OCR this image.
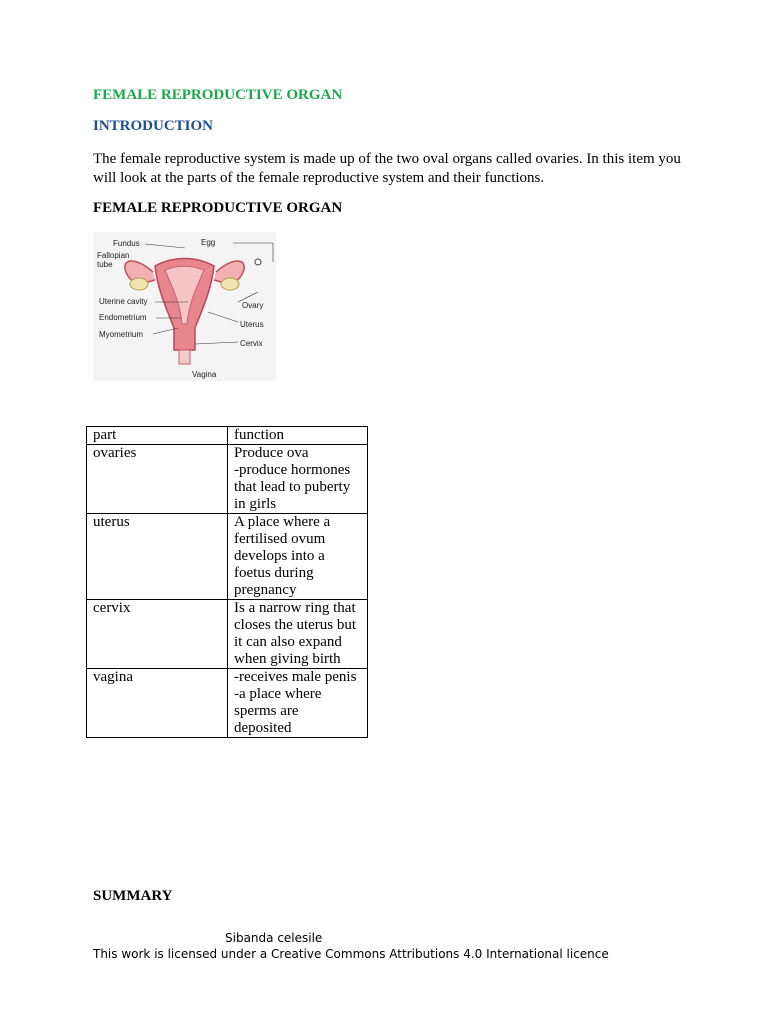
FEMALE REPRODUCTIVE ORGAN
INTRODUCTION
The female reproductive system is made up of the two oval organs called ovaries. In this item you will look at the parts of the female reproductive system and their functions.
FEMALE REPRODUCTIVE ORGAN
Fundus	Egg
Fallopian
tube
Uterine cavity
Endometrium
Myometrium
Ovary
Uterus
Cervix
Vagina
part	function
ovaries	Produce ova
-produce hormones
that lead to puberty
in girls

uterus	A place where a
fertilised ovum
develops into a
foetus during
pregnancy

cervix	Is a narrow ring that
closes the uterus but
it can also expand
when giving birth

vagina	-receives male penis
-a place where
sperms are
deposited
SUMMARY
Sibanda celesile
This work is licensed under a Creative Commons Attributions 4.0 International licence
